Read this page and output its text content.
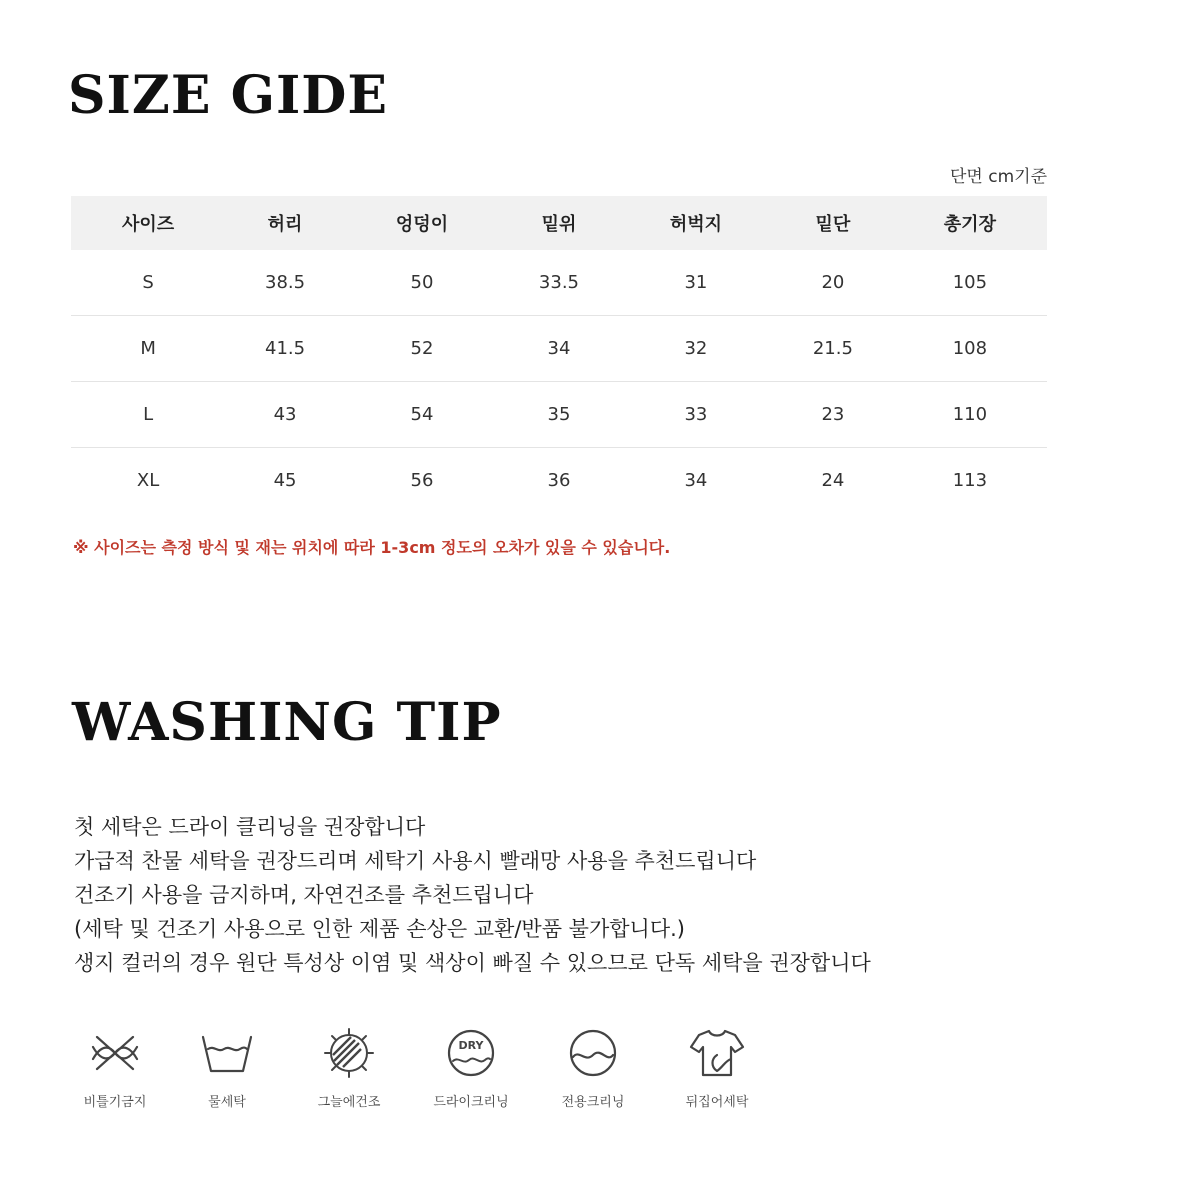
SIZE GIDE
단면 cm기준
사이즈	허리	엉덩이	밑위	허벅지	밑단	총기장
S	38.5	50	33.5	31	20	105
M	41.5	52	34	32	21.5	108
L	43	54	35	33	23	110
XL	45	56	36	34	24	113
※ 사이즈는 측정 방식 및 재는 위치에 따라 1-3cm 정도의 오차가 있을 수 있습니다.
WASHING TIP
첫 세탁은 드라이 클리닝을 권장합니다
가급적 찬물 세탁을 권장드리며 세탁기 사용시 빨래망 사용을 추천드립니다
건조기 사용을 금지하며, 자연건조를 추천드립니다
(세탁 및 건조기 사용으로 인한 제품 손상은 교환/반품 불가합니다.)
생지 컬러의 경우 원단 특성상 이염 및 색상이 빠질 수 있으므로 단독 세탁을 권장합니다
비틀기금지	물세탁	그늘에건조
DRY
드라이크리닝	전용크리닝	뒤집어세탁
